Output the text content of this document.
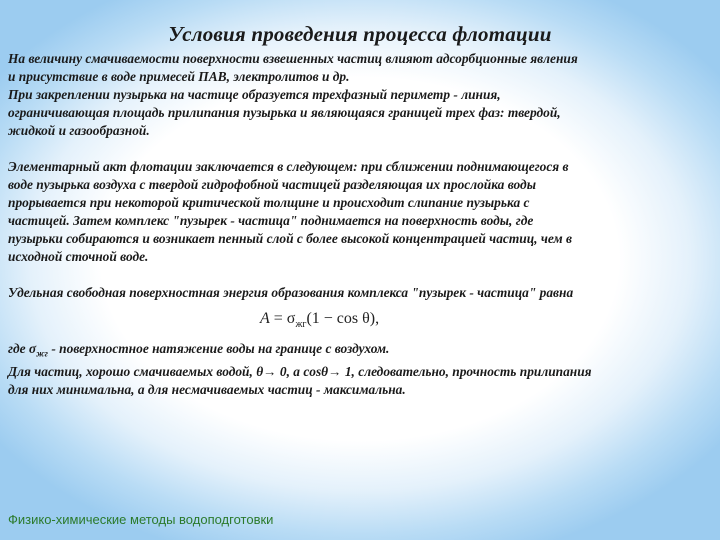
Условия проведения процесса флотации
На величину смачиваемости поверхности взвешенных частиц влияют адсорбционные явления
и присутствие в воде примесей ПАВ, электролитов и др.
При закреплении пузырька на частице образуется трехфазный периметр - линия,
ограничивающая площадь прилипания пузырька и являющаяся границей трех фаз: твердой,
жидкой и газообразной.
Элементарный акт флотации заключается в следующем: при сближении поднимающегося в
воде пузырька воздуха с твердой гидрофобной частицей разделяющая их прослойка воды
прорывается при некоторой критической толщине и происходит слипание пузырька с
частицей. Затем комплекс "пузырек - частица" поднимается на поверхность воды, где
пузырьки собираются и возникает пенный слой с более высокой концентрацией частиц, чем в
исходной сточной воде.
Удельная свободная поверхностная энергия образования комплекса "пузырек - частица" равна
$A = \sigma_{жг}(1 - \cos \theta)$,
где $\sigma_{жг}$ - поверхностное натяжение воды на границе с воздухом.
Для частиц, хорошо смачиваемых водой, θ→ 0, а cosθ→ 1, следовательно, прочность прилипания
для них минимальна, а для несмачиваемых частиц - максимальна.
Физико-химические методы водоподготовки
